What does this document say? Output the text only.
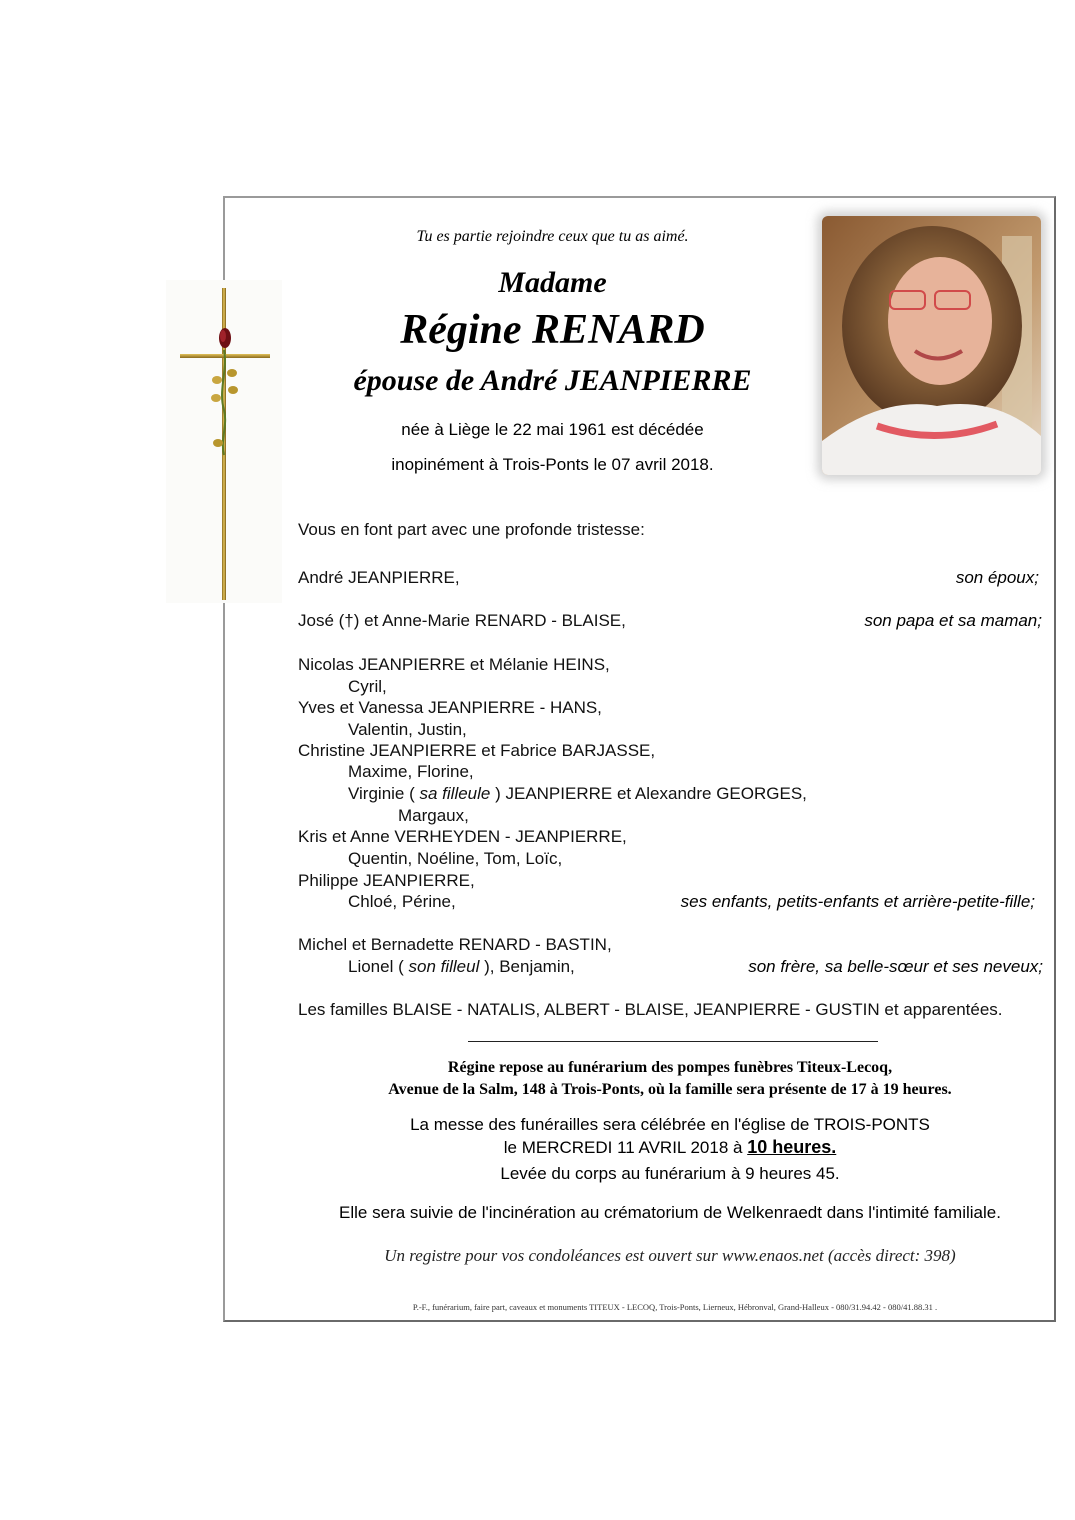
Tu es partie rejoindre ceux que tu as aimé.
Madame
Régine RENARD
épouse de André JEANPIERRE
née à Liège le 22 mai 1961 est décédée
inopinément à Trois-Ponts le 07 avril 2018.
Vous en font part avec une profonde tristesse:
André JEANPIERRE,	son époux;
José (†) et Anne-Marie RENARD - BLAISE,	son papa et sa maman;
Nicolas JEANPIERRE et Mélanie HEINS,
Cyril,
Yves et Vanessa JEANPIERRE - HANS,
Valentin, Justin,
Christine JEANPIERRE et Fabrice BARJASSE,
Maxime, Florine,
Virginie ( sa filleule ) JEANPIERRE et Alexandre GEORGES,
Margaux,
Kris et Anne VERHEYDEN - JEANPIERRE,
Quentin, Noéline, Tom, Loïc,
Philippe JEANPIERRE,
Chloé, Périne,	ses enfants, petits-enfants et arrière-petite-fille;
Michel et Bernadette RENARD - BASTIN,
Lionel ( son filleul ), Benjamin,	son frère, sa belle-sœur et ses neveux;
Les familles BLAISE - NATALIS, ALBERT - BLAISE, JEANPIERRE - GUSTIN et apparentées.
Régine repose au funérarium des pompes funèbres Titeux-Lecoq,
Avenue de la Salm, 148 à Trois-Ponts, où la famille sera présente de 17 à 19 heures.
La messe des funérailles sera célébrée en l'église de TROIS-PONTS
le MERCREDI 11 AVRIL 2018 à 10 heures.
Levée du corps au funérarium à 9 heures 45.
Elle sera suivie de l'incinération au crématorium de Welkenraedt dans l'intimité familiale.
Un registre pour vos condoléances est ouvert sur www.enaos.net (accès direct: 398)
P.-F., funérarium, faire part, caveaux et monuments TITEUX - LECOQ, Trois-Ponts, Lierneux, Hébronval, Grand-Halleux - 080/31.94.42 - 080/41.88.31 .
